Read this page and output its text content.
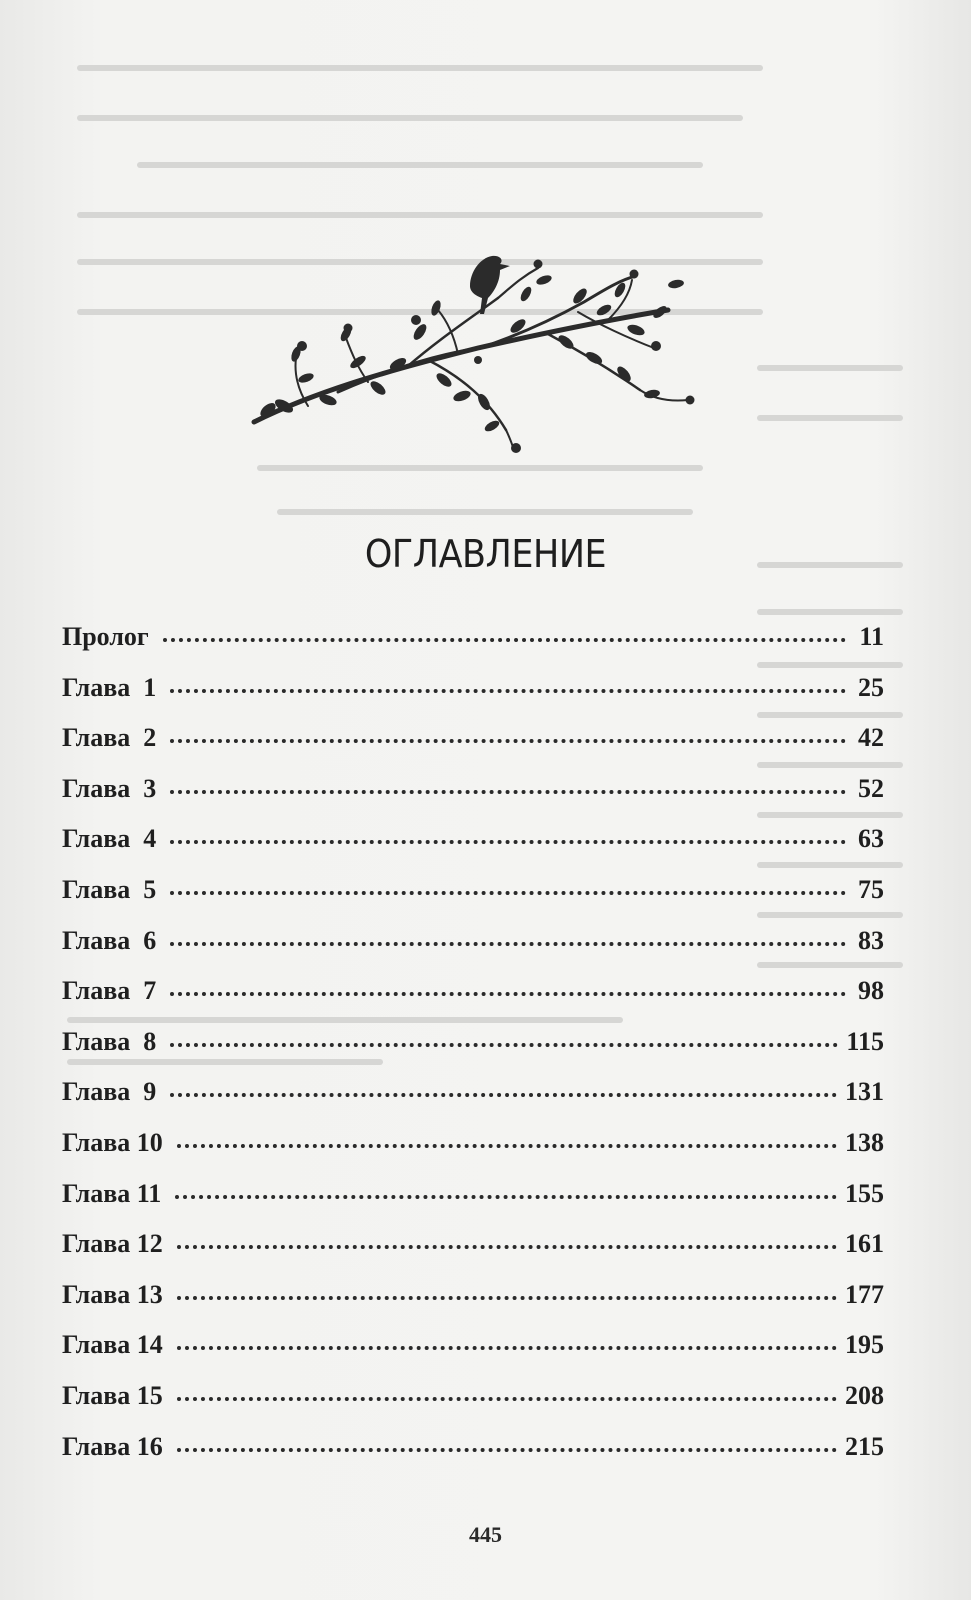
ОГЛАВЛЕНИЕ
Пролог	11
Глава  1	25
Глава  2	42
Глава  3	52
Глава  4	63
Глава  5	75
Глава  6	83
Глава  7	98
Глава  8	115
Глава  9	131
Глава 10	138
Глава 11	155
Глава 12	161
Глава 13	177
Глава 14	195
Глава 15	208
Глава 16	215
445
